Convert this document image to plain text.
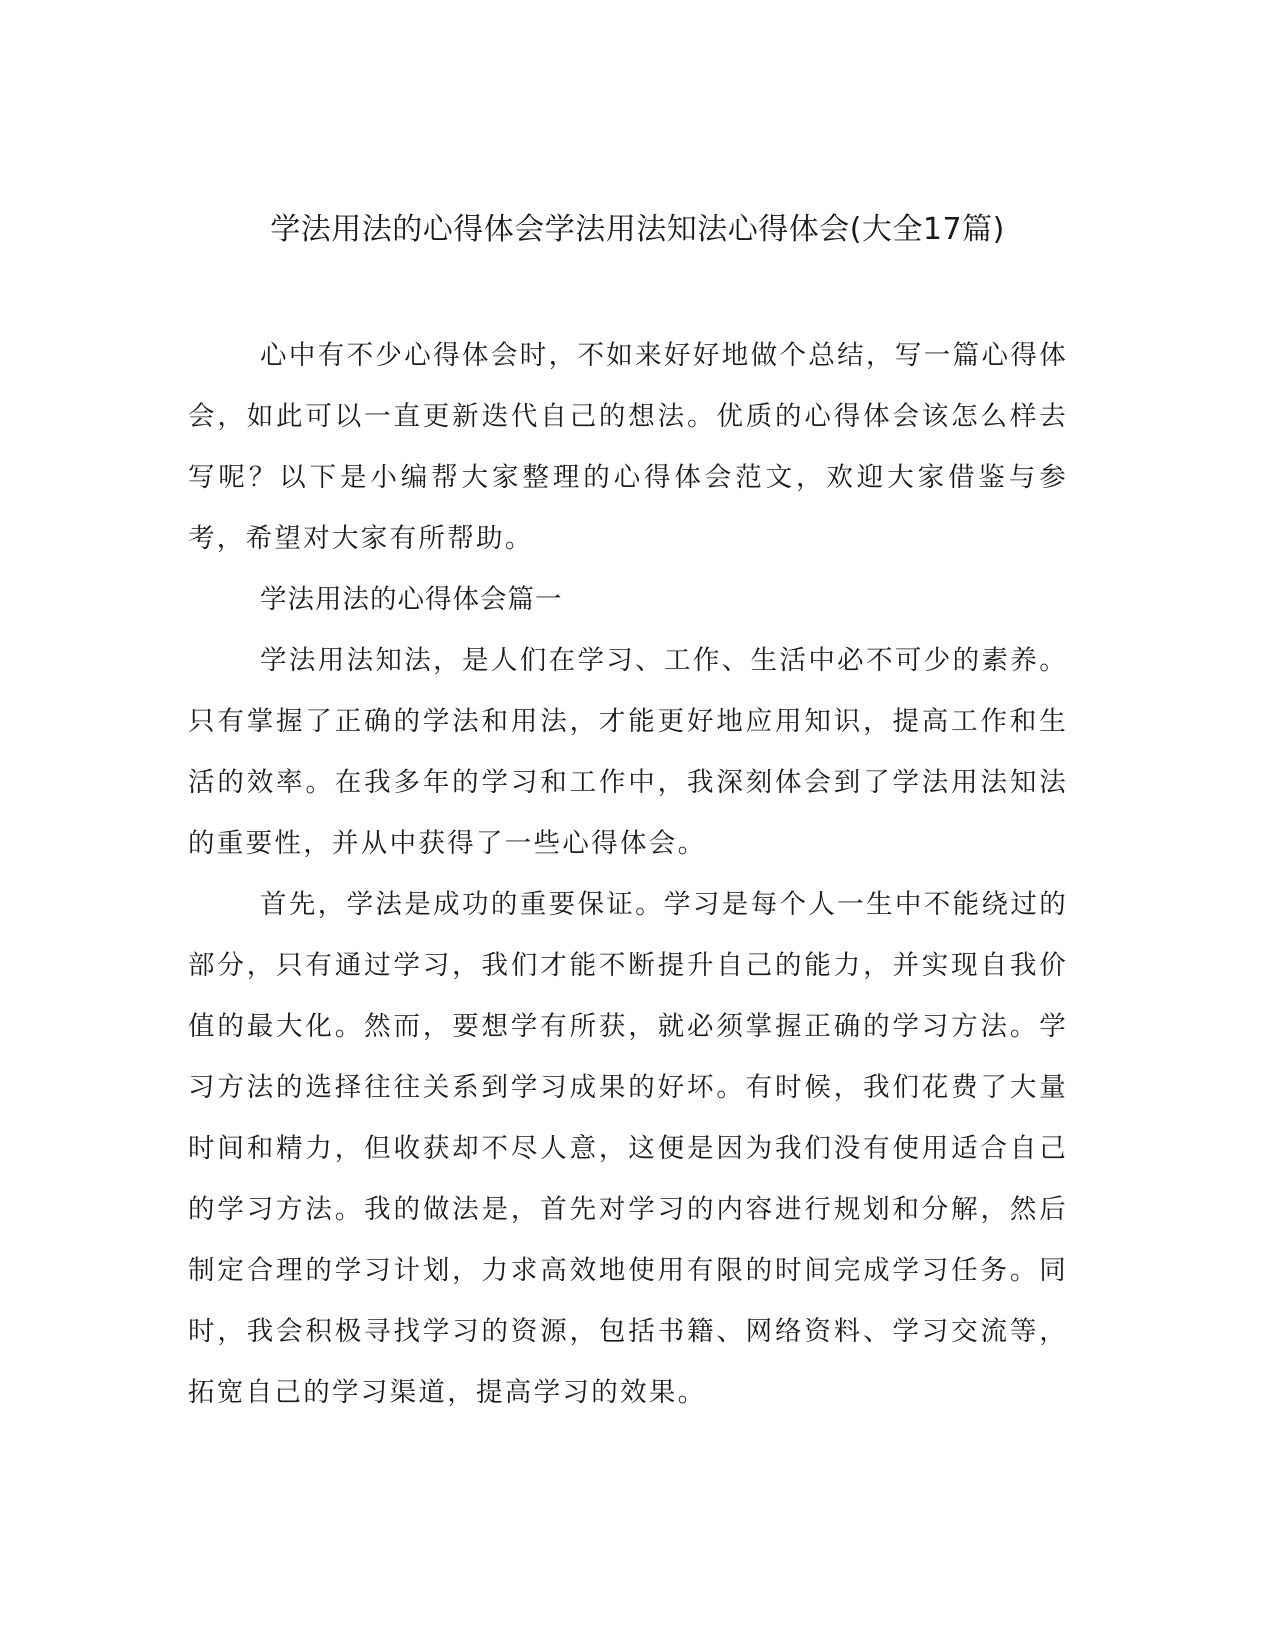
学法用法的心得体会学法用法知法心得体会(大全17篇)

心中有不少心得体会时，不如来好好地做个总结，写一篇心得体会，如此可以一直更新迭代自己的想法。优质的心得体会该怎么样去写呢？以下是小编帮大家整理的心得体会范文，欢迎大家借鉴与参考，希望对大家有所帮助。

学法用法的心得体会篇一

学法用法知法，是人们在学习、工作、生活中必不可少的素养。只有掌握了正确的学法和用法，才能更好地应用知识，提高工作和生活的效率。在我多年的学习和工作中，我深刻体会到了学法用法知法的重要性，并从中获得了一些心得体会。

首先，学法是成功的重要保证。学习是每个人一生中不能绕过的部分，只有通过学习，我们才能不断提升自己的能力，并实现自我价值的最大化。然而，要想学有所获，就必须掌握正确的学习方法。学习方法的选择往往关系到学习成果的好坏。有时候，我们花费了大量时间和精力，但收获却不尽人意，这便是因为我们没有使用适合自己的学习方法。我的做法是，首先对学习的内容进行规划和分解，然后制定合理的学习计划，力求高效地使用有限的时间完成学习任务。同时，我会积极寻找学习的资源，包括书籍、网络资料、学习交流等，拓宽自己的学习渠道，提高学习的效果。
